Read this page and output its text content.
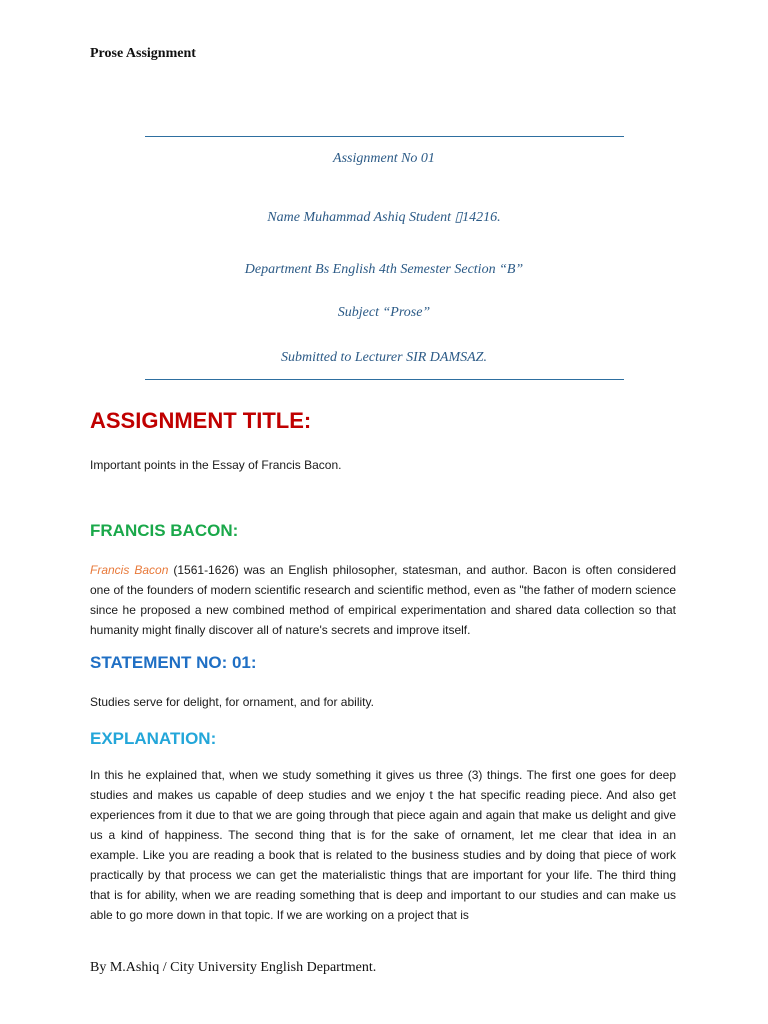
Prose Assignment
Assignment No 01
Name Muhammad Ashiq Student ▯14216.
Department Bs English 4th Semester Section “B”
Subject “Prose”
Submitted to Lecturer SIR DAMSAZ.
ASSIGNMENT TITLE:

Important points in the Essay of Francis Bacon.

FRANCIS BACON:

Francis Bacon (1561-1626) was an English philosopher, statesman, and author. Bacon is often considered one of the founders of modern scientific research and scientific method, even as "the father of modern science since he proposed a new combined method of empirical experimentation and shared data collection so that humanity might finally discover all of nature's secrets and improve itself.

STATEMENT NO: 01:

Studies serve for delight, for ornament, and for ability.

EXPLANATION:

In this he explained that, when we study something it gives us three (3) things. The first one goes for deep studies and makes us capable of deep studies and we enjoy t the hat specific reading piece. And also get experiences from it due to that we are going through that piece again and again that make us delight and give us a kind of happiness. The second thing that is for the sake of ornament, let me clear that idea in an example. Like you are reading a book that is related to the business studies and by doing that piece of work practically by that process we can get the materialistic things that are important for your life. The third thing that is for ability, when we are reading something that is deep and important to our studies and can make us able to go more down in that topic. If we are working on a project that is

By M.Ashiq / City University English Department.
